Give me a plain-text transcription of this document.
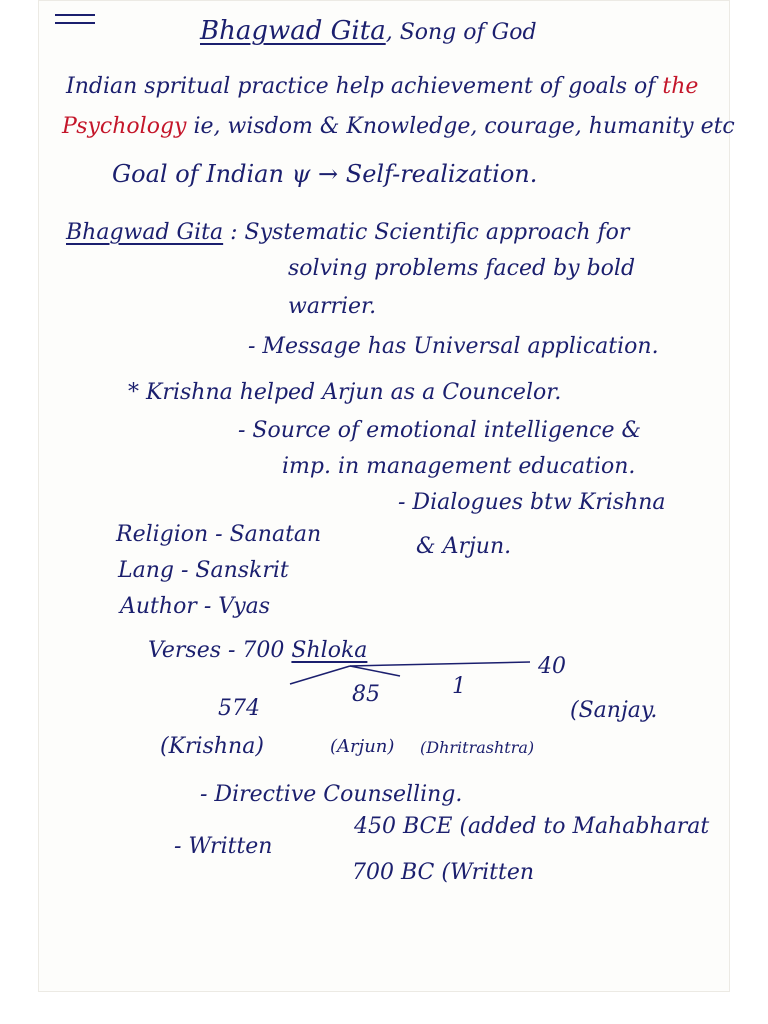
Bhagwad Gita, Song of God
Indian spritual practice help achievement of goals of the
Psychology ie, wisdom & Knowledge, courage, humanity etc
Goal of Indian ψ → Self-realization.
Bhagwad Gita : Systematic Scientific approach for
solving problems faced by bold
warrier.
- Message has Universal application.
* Krishna helped Arjun as a Councelor.
- Source of emotional intelligence &
imp. in management education.
Religion - Sanatan
- Dialogues btw Krishna
Lang - Sanskrit
& Arjun.
Author - Vyas
Verses - 700 Shloka
40
85	1
574
(Krishna)	(Arjun) (Dhritrashtra)
(Sanjay.
- Directive Counselling.
- Written
450 BCE (added to Mahabharat
700 BC (Written
